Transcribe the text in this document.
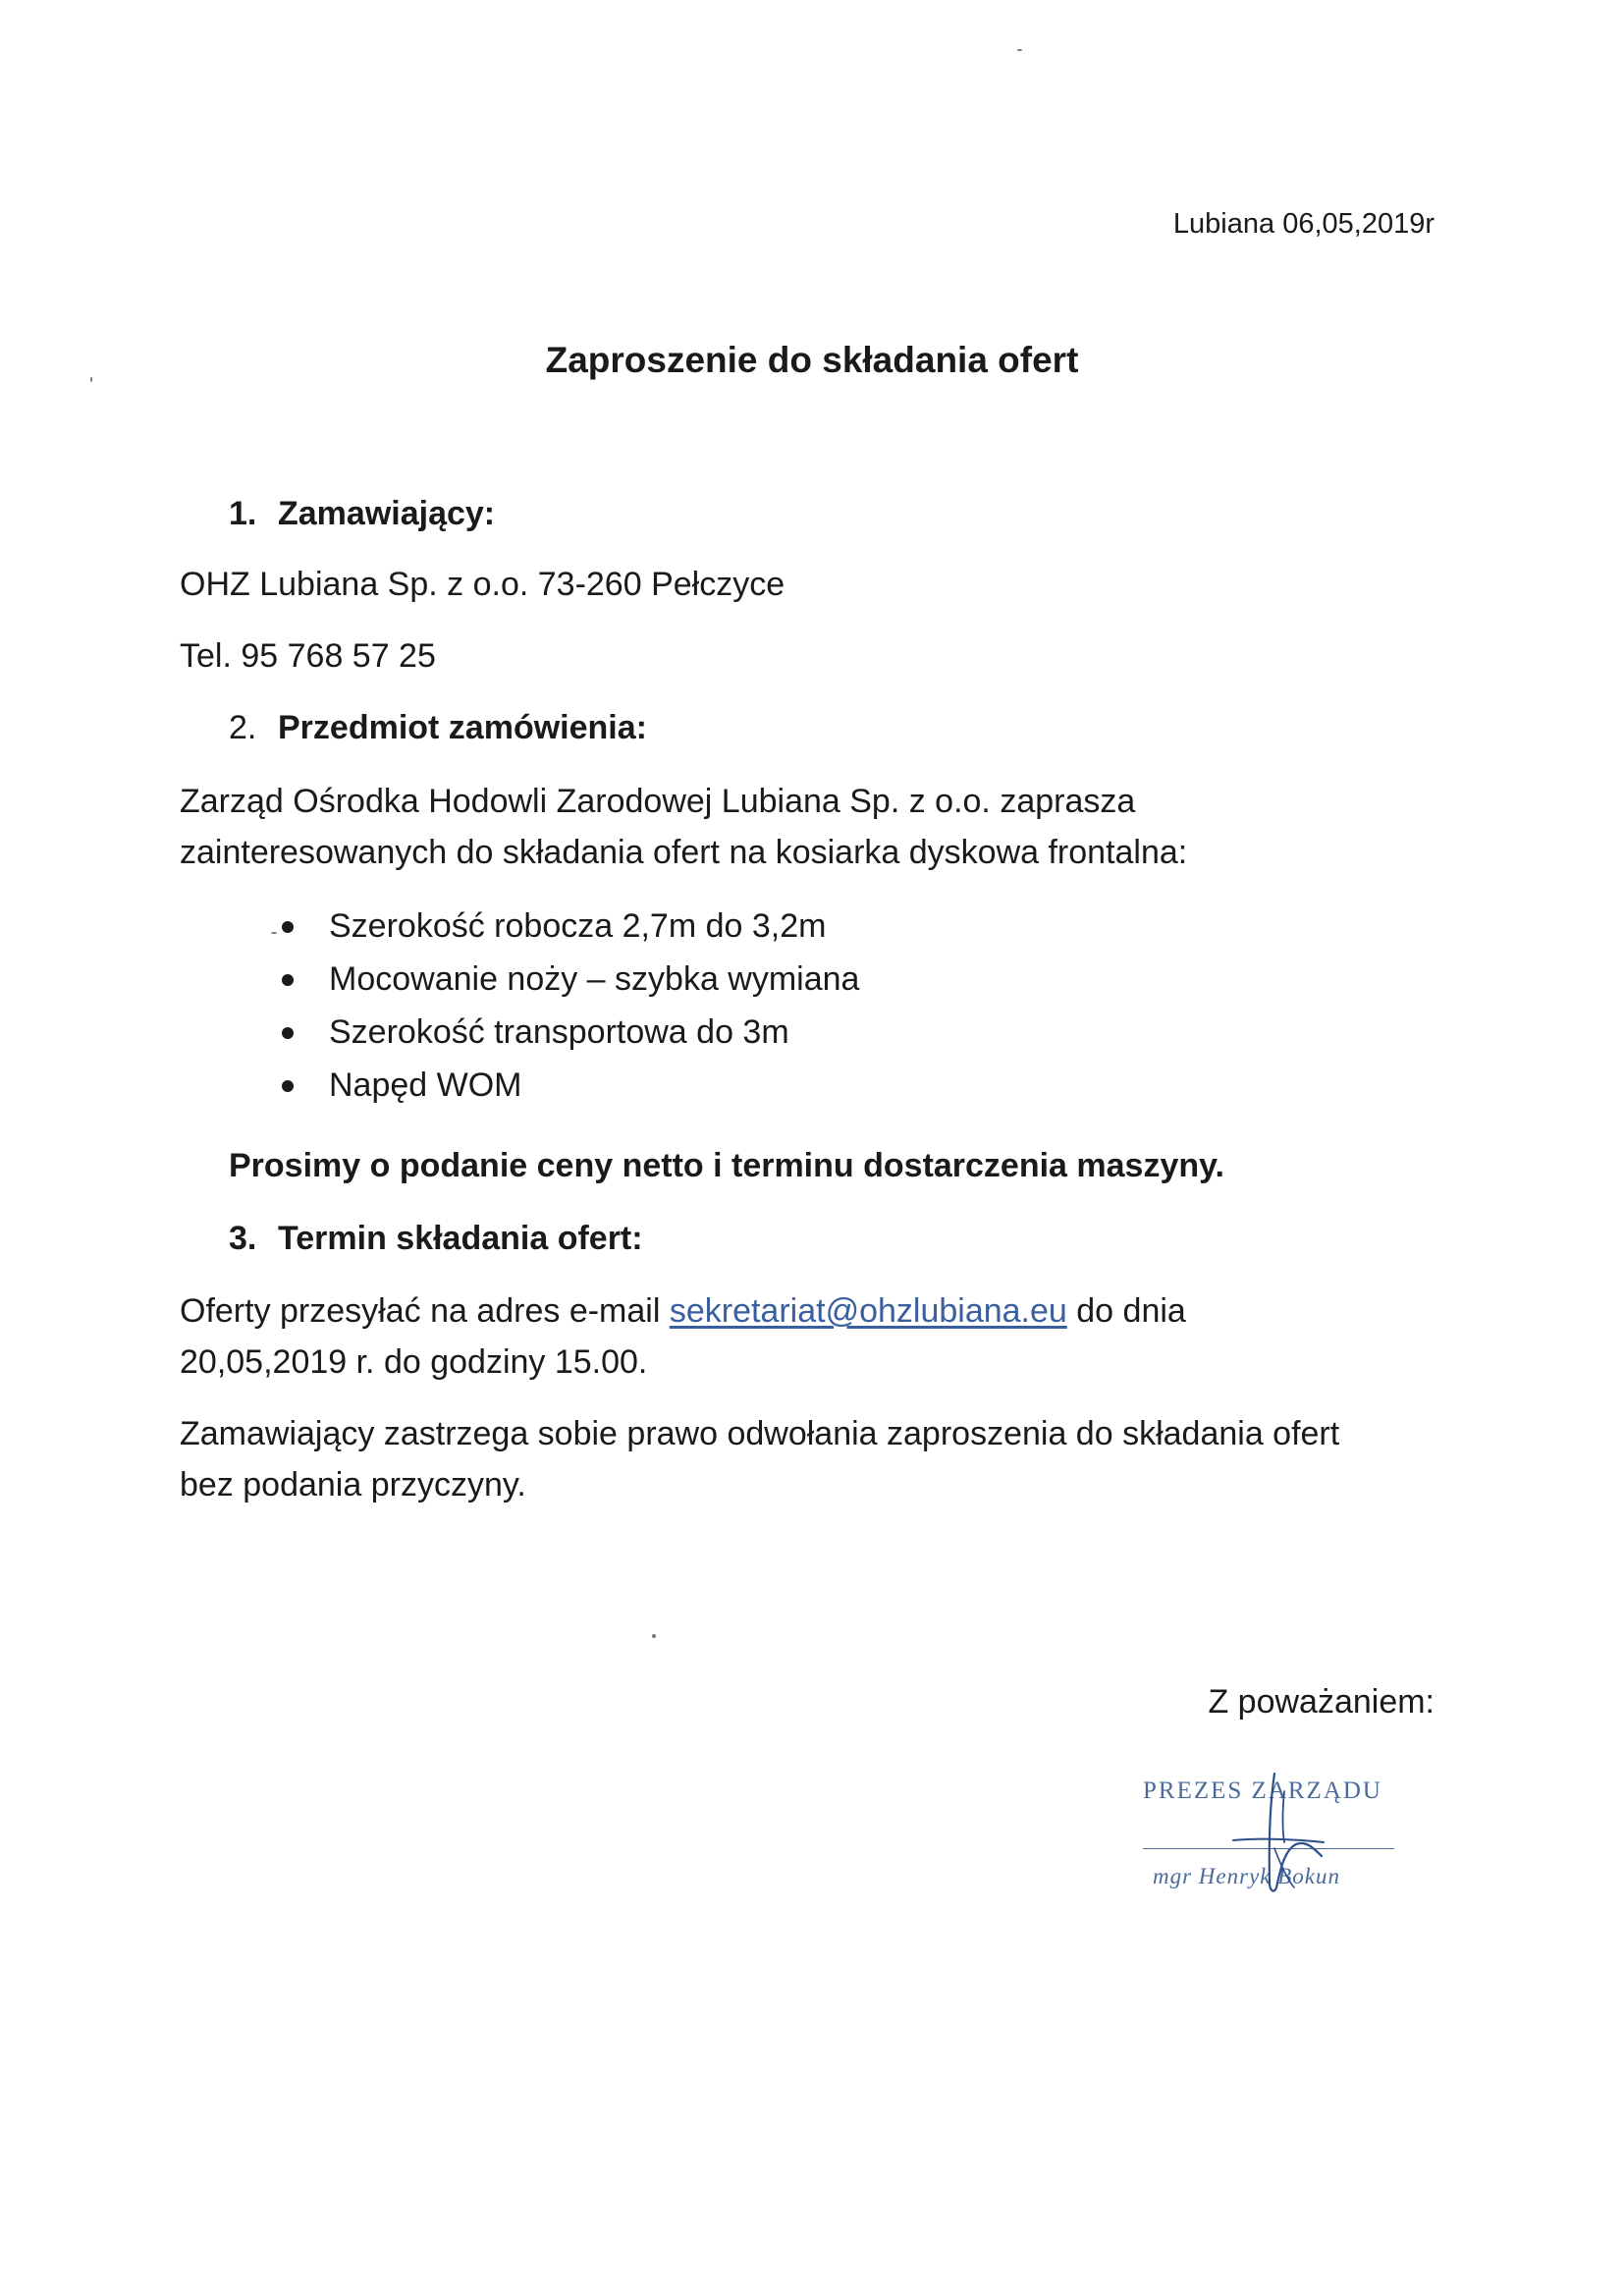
Lubiana 06,05,2019r
Zaproszenie do składania ofert
1. Zamawiający:
OHZ Lubiana Sp. z o.o. 73-260 Pełczyce
Tel. 95 768 57 25
2. Przedmiot zamówienia:
Zarząd Ośrodka Hodowli Zarodowej Lubiana Sp. z o.o. zaprasza
zainteresowanych do składania ofert na kosiarka dyskowa frontalna:
Szerokość robocza 2,7m do 3,2m
Mocowanie noży – szybka wymiana
Szerokość transportowa do 3m
Napęd WOM
Prosimy o podanie ceny netto i terminu dostarczenia maszyny.
3. Termin składania ofert:
Oferty przesyłać na adres e-mail sekretariat@ohzlubiana.eu do dnia
20,05,2019 r. do godziny 15.00.
Zamawiający zastrzega sobie prawo odwołania zaproszenia do składania ofert
bez podania przyczyny.
Z poważaniem:
PREZES ZARZĄDU
mgr Henryk Bokun
